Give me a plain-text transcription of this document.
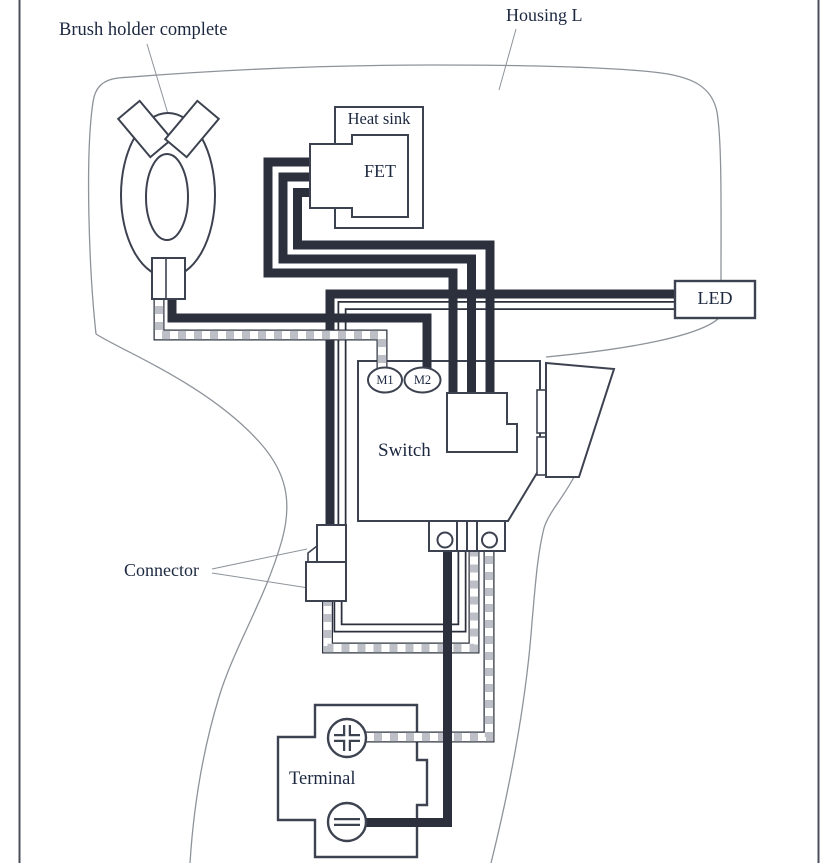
Brush holder complete
Housing L
Heat sink
FET
LED
M1	M2
Switch
Connector
Terminal
